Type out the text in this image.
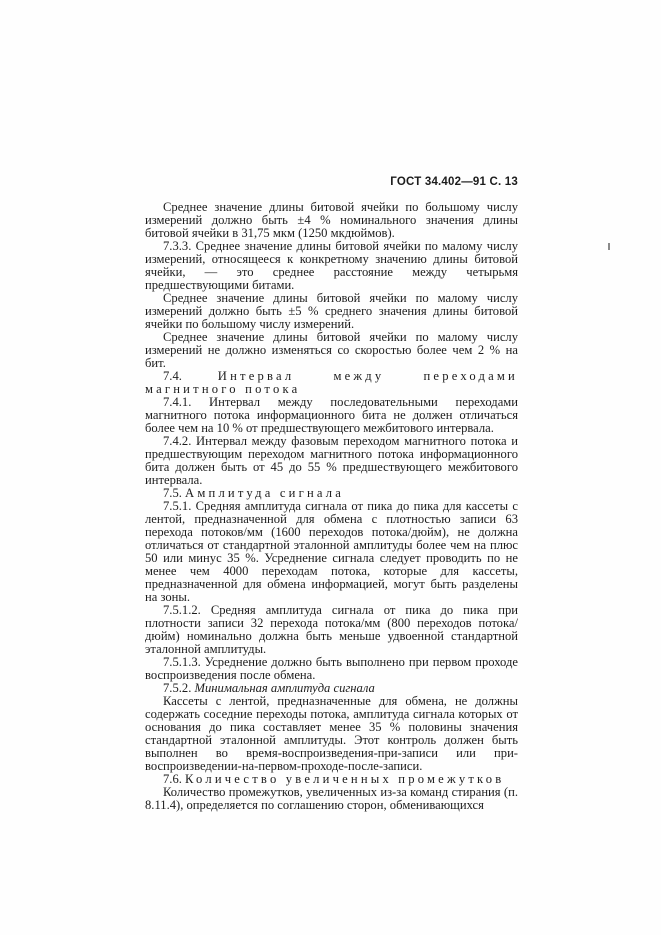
ГОСТ 34.402—91 С. 13

Среднее значение длины битовой ячейки по большому числу измерений должно быть ±4 % номинального значения длины битовой ячейки в 31,75 мкм (1250 мкдюймов).

7.3.3. Среднее значение длины битовой ячейки по малому числу измерений, относящееся к конкретному значению длины битовой ячейки, — это среднее расстояние между четырьмя предшествующими битами.

Среднее значение длины битовой ячейки по малому числу измерений должно быть ±5 % среднего значения длины битовой ячейки по большому числу измерений.

Среднее значение длины битовой ячейки по малому числу измерений не должно изменяться со скоростью более чем 2 % на бит.

7.4.	Интервал между переходами магнитного потока

7.4.1. Интервал между последовательными переходами магнитного потока информационного бита не должен отличаться более чем на 10 % от предшествующего межбитового интервала.

7.4.2. Интервал между фазовым переходом магнитного потока и предшествующим переходом магнитного потока информационного бита должен быть от 45 до 55 % предшествующего межбитового интервала.

7.5. Амплитуда сигнала

7.5.1. Средняя амплитуда сигнала от пика до пика для кассеты с лентой, предназначенной для обмена с плотностью записи 63 перехода потоков/мм (1600 переходов потока/дюйм), не должна отличаться от стандартной эталонной амплитуды более чем на плюс 50 или минус 35 %. Усреднение сигнала следует проводить по не менее чем 4000 переходам потока, которые для кассеты, предназначенной для обмена информацией, могут быть разделены на зоны.

7.5.1.2. Средняя амплитуда сигнала от пика до пика при плотности записи 32 перехода потока/мм (800 переходов потока/дюйм) номинально должна быть меньше удвоенной стандартной эталонной амплитуды.

7.5.1.3. Усреднение должно быть выполнено при первом проходе воспроизведения после обмена.

7.5.2. Минимальная амплитуда сигнала

Кассеты с лентой, предназначенные для обмена, не должны содержать соседние переходы потока, амплитуда сигнала которых от основания до пика составляет менее 35 % половины значения стандартной эталонной амплитуды. Этот контроль должен быть выполнен во время-воспроизведения-при-записи или при-воспроизведении-на-первом-проходе-после-записи.

7.6. Количество увеличенных промежутков

Количество промежутков, увеличенных из-за команд стирания (п. 8.11.4), определяется по соглашению сторон, обменивающихся
